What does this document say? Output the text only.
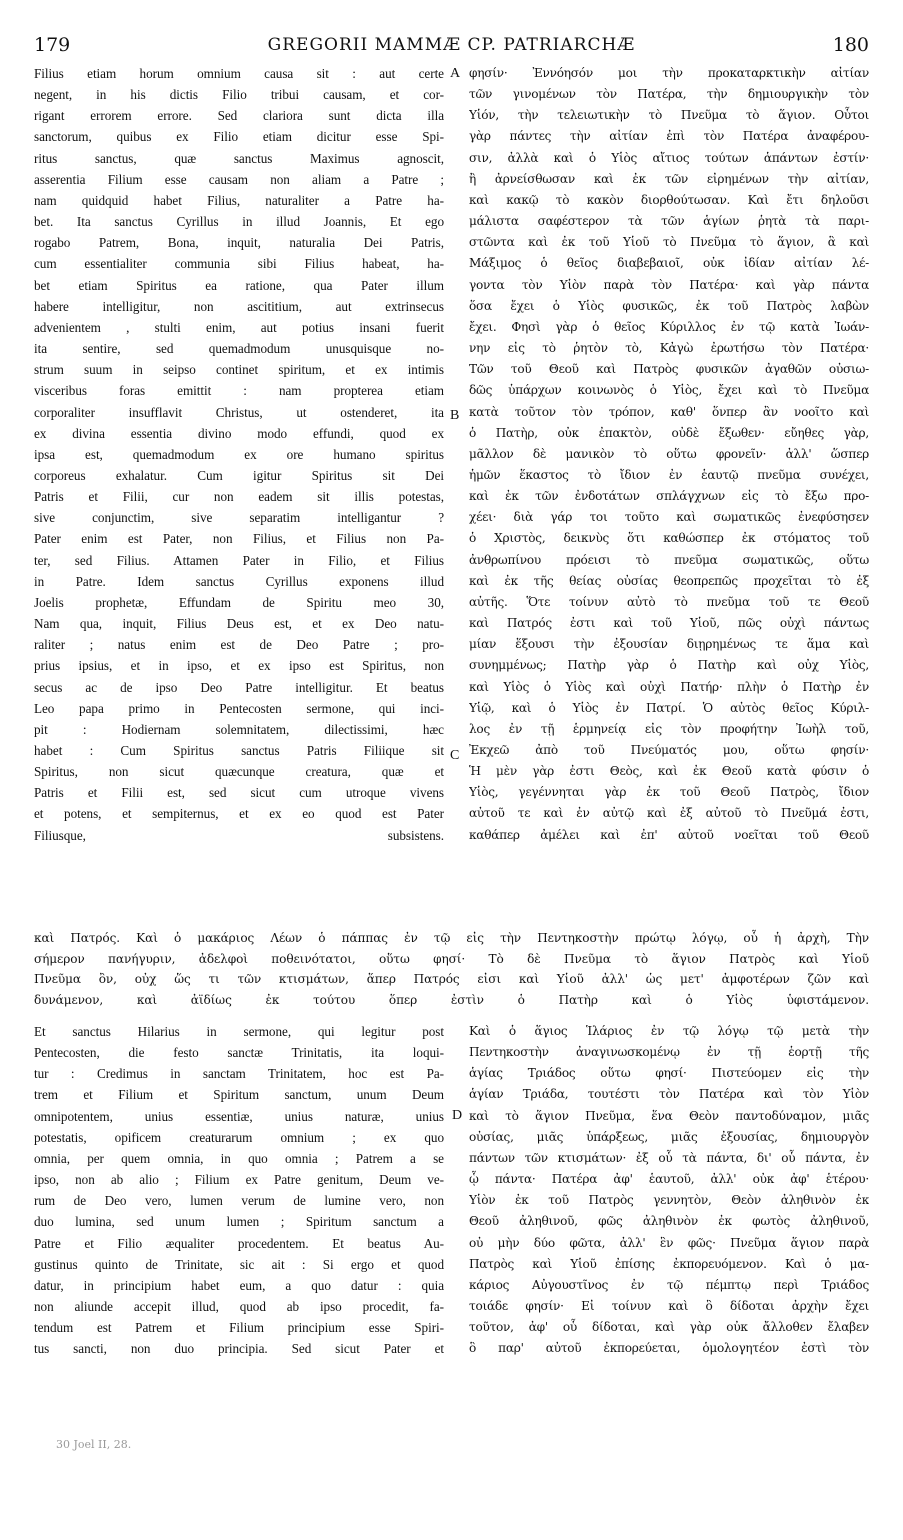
179	GREGORII MAMMÆ CP. PATRIARCHÆ	180

Filius etiam horum omnium causa sit : aut certe
negent, in his dictis Filio tribui causam, et cor-
rigant errorem errore. Sed clariora sunt dicta illa
sanctorum, quibus ex Filio etiam dicitur esse Spi-
ritus sanctus, quæ sanctus Maximus agnoscit,
asserentia Filium esse causam non aliam a Patre ;
nam quidquid habet Filius, naturaliter a Patre ha-
bet. Ita sanctus Cyrillus in illud Joannis, Et ego
rogabo Patrem, Bona, inquit, naturalia Dei Patris,
cum essentialiter communia sibi Filius habeat, ha-
bet etiam Spiritus ea ratione, qua Pater illum
habere intelligitur, non ascititium, aut extrinsecus
advenientem , stulti enim, aut potius insani fuerit
ita sentire, sed quemadmodum unusquisque no-
strum suum in seipso continet spiritum, et ex intimis
visceribus foras emittit : nam propterea etiam
corporaliter insufflavit Christus, ut ostenderet, ita
ex divina essentia divino modo effundi, quod ex
ipsa est, quemadmodum ex ore humano spiritus
corporeus exhalatur. Cum igitur Spiritus sit Dei
Patris et Filii, cur non eadem sit illis potestas,
sive conjunctim, sive separatim intelligantur ?
Pater enim est Pater, non Filius, et Filius non Pa-
ter, sed Filius. Attamen Pater in Filio, et Filius
in Patre. Idem sanctus Cyrillus exponens illud
Joelis prophetæ, Effundam de Spiritu meo 30,
Nam qua, inquit, Filius Deus est, et ex Deo natu-
raliter ; natus enim est de Deo Patre ; pro-
prius ipsius, et in ipso, et ex ipso est Spiritus, non
secus ac de ipso Deo Patre intelligitur. Et beatus
Leo papa primo in Pentecosten sermone, qui inci-
pit : Hodiernam solemnitatem, dilectissimi, hæc
habet : Cum Spiritus sanctus Patris Filiique sit
Spiritus, non sicut quæcunque creatura, quæ et
Patris et Filii est, sed sicut cum utroque vivens
et potens, et sempiternus, et ex eo quod est Pater
Filiusque, subsistens.

A
B
C
D

φησίν· Ἐννόησόν μοι τὴν προκαταρκτικὴν αἰτίαν
τῶν γινομένων τὸν Πατέρα, τὴν δημιουργικὴν τὸν
Υἱόν, τὴν τελειωτικὴν τὸ Πνεῦμα τὸ ἅγιον. Οὗτοι
γὰρ πάντες τὴν αἰτίαν ἐπὶ τὸν Πατέρα ἀναφέρου-
σιν, ἀλλὰ καὶ ὁ Υἱὸς αἴτιος τούτων ἁπάντων ἐστίν·
ἢ ἀρνείσθωσαν καὶ ἐκ τῶν εἰρημένων τὴν αἰτίαν,
καὶ κακῷ τὸ κακὸν διορθούτωσαν. Καὶ ἔτι δηλοῦσι
μάλιστα σαφέστερον τὰ τῶν ἁγίων ῥητὰ τὰ παρι-
στῶντα καὶ ἐκ τοῦ Υἱοῦ τὸ Πνεῦμα τὸ ἅγιον, ἃ καὶ
Μάξιμος ὁ θεῖος διαβεβαιοῖ, οὐκ ἰδίαν αἰτίαν λέ-
γοντα τὸν Υἱὸν παρὰ τὸν Πατέρα· καὶ γὰρ πάντα
ὅσα ἔχει ὁ Υἱὸς φυσικῶς, ἐκ τοῦ Πατρὸς λαβὼν
ἔχει. Φησὶ γὰρ ὁ θεῖος Κύριλλος ἐν τῷ κατὰ Ἰωάν-
νην εἰς τὸ ῥητὸν τὸ, Κἀγὼ ἐρωτήσω τὸν Πατέρα·
Τῶν τοῦ Θεοῦ καὶ Πατρὸς φυσικῶν ἀγαθῶν οὐσιω-
δῶς ὑπάρχων κοινωνὸς ὁ Υἱὸς, ἔχει καὶ τὸ Πνεῦμα
κατὰ τοῦτον τὸν τρόπον, καθ' ὅνπερ ἂν νοοῖτο καὶ
ὁ Πατὴρ, οὐκ ἐπακτὸν, οὐδὲ ἔξωθεν· εὔηθες γὰρ,
μᾶλλον δὲ μανικὸν τὸ οὕτω φρονεῖν· ἀλλ' ὥσπερ
ἡμῶν ἕκαστος τὸ ἴδιον ἐν ἑαυτῷ πνεῦμα συνέχει,
καὶ ἐκ τῶν ἐνδοτάτων σπλάγχνων εἰς τὸ ἔξω προ-
χέει· διὰ γάρ τοι τοῦτο καὶ σωματικῶς ἐνεφύσησεν
ὁ Χριστὸς, δεικνὺς ὅτι καθώσπερ ἐκ στόματος τοῦ
ἀνθρωπίνου πρόεισι τὸ πνεῦμα σωματικῶς, οὕτω
καὶ ἐκ τῆς θείας οὐσίας θεοπρεπῶς προχεῖται τὸ ἐξ
αὐτῆς. Ὅτε τοίνυν αὐτὸ τὸ πνεῦμα τοῦ τε Θεοῦ
καὶ Πατρός ἐστι καὶ τοῦ Υἱοῦ, πῶς οὐχὶ πάντως
μίαν ἕξουσι τὴν ἐξουσίαν διῃρημένως τε ἅμα καὶ
συνημμένως; Πατὴρ γὰρ ὁ Πατὴρ καὶ οὐχ Υἱὸς,
καὶ Υἱὸς ὁ Υἱὸς καὶ οὐχὶ Πατήρ· πλὴν ὁ Πατὴρ ἐν
Υἱῷ, καὶ ὁ Υἱὸς ἐν Πατρί. Ὁ αὐτὸς θεῖος Κύριλ-
λος ἐν τῇ ἑρμηνείᾳ εἰς τὸν προφήτην Ἰωὴλ τοῦ,
Ἐκχεῶ ἀπὸ τοῦ Πνεύματός μου, οὕτω φησίν·
Ἡ μὲν γὰρ ἐστι Θεὸς, καὶ ἐκ Θεοῦ κατὰ φύσιν ὁ
Υἱὸς, γεγέννηται γὰρ ἐκ τοῦ Θεοῦ Πατρὸς, ἴδιον
αὐτοῦ τε καὶ ἐν αὐτῷ καὶ ἐξ αὐτοῦ τὸ Πνεῦμά ἐστι,
καθάπερ ἀμέλει καὶ ἐπ' αὐτοῦ νοεῖται τοῦ Θεοῦ

καὶ Πατρός. Καὶ ὁ μακάριος Λέων ὁ πάππας ἐν τῷ εἰς τὴν Πεντηκοστὴν πρώτῳ λόγῳ, οὗ ἡ ἀρχὴ, Τὴν
σήμερον πανήγυριν, ἀδελφοὶ ποθεινότατοι, οὕτω φησί· Τὸ δὲ Πνεῦμα τὸ ἅγιον Πατρὸς καὶ Υἱοῦ
Πνεῦμα ὂν, οὐχ ὥς τι τῶν κτισμάτων, ἅπερ Πατρός εἰσι καὶ Υἱοῦ ἀλλ' ὡς μετ' ἀμφοτέρων ζῶν καὶ
δυνάμενον, καὶ ἀϊδίως ἐκ τούτου ὅπερ ἐστὶν ὁ Πατὴρ καὶ ὁ Υἱὸς ὑφιστάμενον.

Et sanctus Hilarius in sermone, qui legitur post
Pentecosten, die festo sanctæ Trinitatis, ita loqui-
tur : Credimus in sanctam Trinitatem, hoc est Pa-
trem et Filium et Spiritum sanctum, unum Deum
omnipotentem, unius essentiæ, unius naturæ, unius
potestatis, opificem creaturarum omnium ; ex quo
omnia, per quem omnia, in quo omnia ; Patrem a se
ipso, non ab alio ; Filium ex Patre genitum, Deum ve-
rum de Deo vero, lumen verum de lumine vero, non
duo lumina, sed unum lumen ; Spiritum sanctum a
Patre et Filio æqualiter procedentem. Et beatus Au-
gustinus quinto de Trinitate, sic ait : Si ergo et quod
datur, in principium habet eum, a quo datur : quia
non aliunde accepit illud, quod ab ipso procedit, fa-
tendum est Patrem et Filium principium esse Spiri-
tus sancti, non duo principia. Sed sicut Pater et

Καὶ ὁ ἅγιος Ἱλάριος ἐν τῷ λόγῳ τῷ μετὰ τὴν
Πεντηκοστὴν ἀναγινωσκομένῳ ἐν τῇ ἑορτῇ τῆς
ἁγίας Τριάδος οὕτω φησί· Πιστεύομεν εἰς τὴν
ἁγίαν Τριάδα, τουτέστι τὸν Πατέρα καὶ τὸν Υἱὸν
καὶ τὸ ἅγιον Πνεῦμα, ἕνα Θεὸν παντοδύναμον, μιᾶς
οὐσίας, μιᾶς ὑπάρξεως, μιᾶς ἐξουσίας, δημιουργὸν
πάντων τῶν κτισμάτων· ἐξ οὗ τὰ πάντα, δι' οὗ πάντα, ἐν
ᾧ πάντα· Πατέρα ἀφ' ἑαυτοῦ, ἀλλ' οὐκ ἀφ' ἑτέρου·
Υἱὸν ἐκ τοῦ Πατρὸς γεννητὸν, Θεὸν ἀληθινὸν ἐκ
Θεοῦ ἀληθινοῦ, φῶς ἀληθινὸν ἐκ φωτὸς ἀληθινοῦ,
οὐ μὴν δύο φῶτα, ἀλλ' ἓν φῶς· Πνεῦμα ἅγιον παρὰ
Πατρὸς καὶ Υἱοῦ ἐπίσης ἐκπορευόμενον. Καὶ ὁ μα-
κάριος Αὐγουστῖνος ἐν τῷ πέμπτῳ περὶ Τριάδος
τοιάδε φησίν· Εἰ τοίνυν καὶ ὃ δίδοται ἀρχὴν ἔχει
τοῦτον, ἀφ' οὗ δίδοται, καὶ γὰρ οὐκ ἄλλοθεν ἔλαβεν
ὃ παρ' αὐτοῦ ἐκπορεύεται, ὁμολογητέον ἐστὶ τὸν

30 Joel II, 28.
